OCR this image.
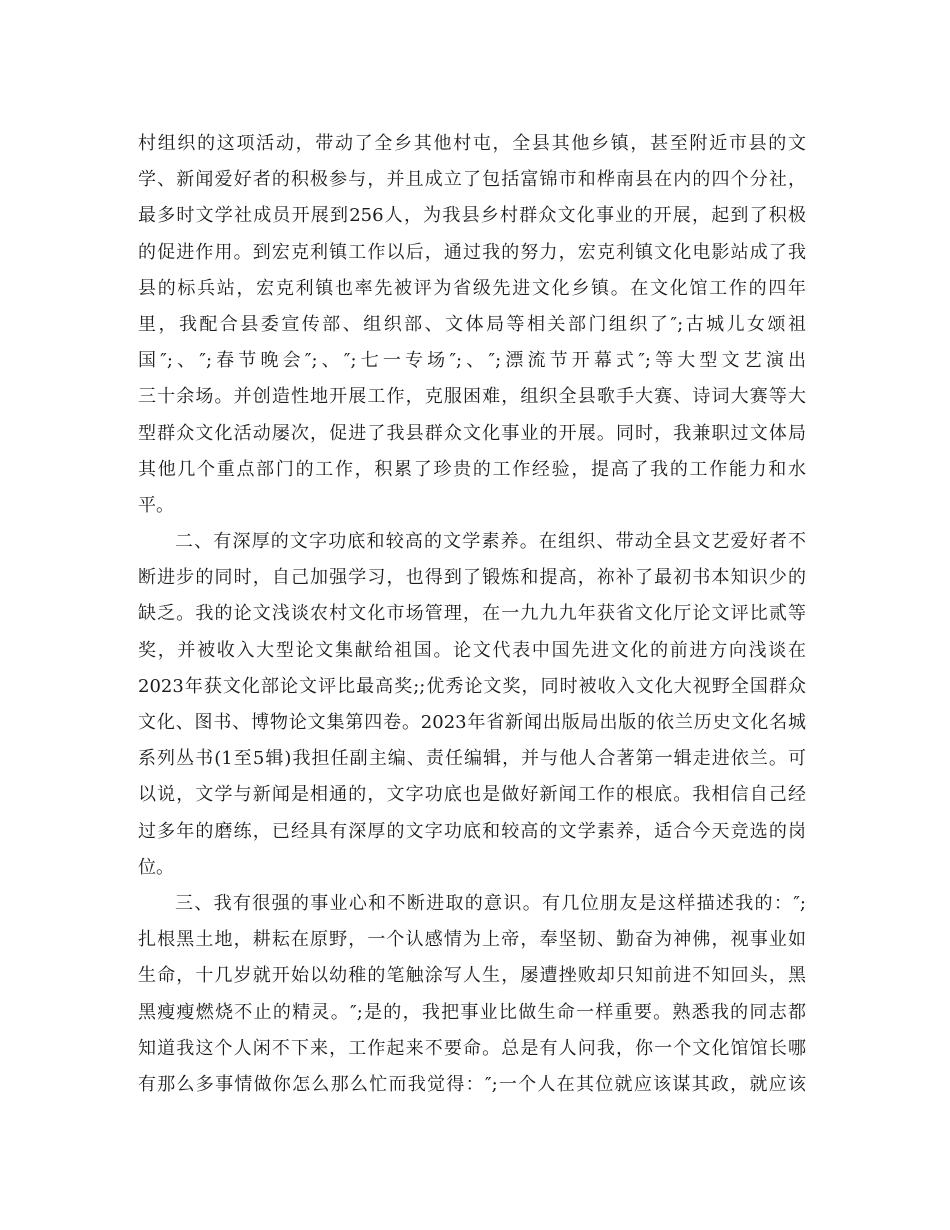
村组织的这项活动，带动了全乡其他村屯，全县其他乡镇，甚至附近市县的文
学、新闻爱好者的积极参与，并且成立了包括富锦市和桦南县在内的四个分社，
最多时文学社成员开展到256人，为我县乡村群众文化事业的开展，起到了积极
的促进作用。到宏克利镇工作以后，通过我的努力，宏克利镇文化电影站成了我
县的标兵站，宏克利镇也率先被评为省级先进文化乡镇。在文化馆工作的四年
里，我配合县委宣传部、组织部、文体局等相关部门组织了″;古城儿女颂祖
国″;、″;春节晚会″;、″;七一专场″;、″;漂流节开幕式″;等大型文艺演出
三十余场。并创造性地开展工作，克服困难，组织全县歌手大赛、诗词大赛等大
型群众文化活动屡次，促进了我县群众文化事业的开展。同时，我兼职过文体局
其他几个重点部门的工作，积累了珍贵的工作经验，提高了我的工作能力和水
平。
二、有深厚的文字功底和较高的文学素养。在组织、带动全县文艺爱好者不
断进步的同时，自己加强学习，也得到了锻炼和提高，祢补了最初书本知识少的
缺乏。我的论文浅谈农村文化市场管理，在一九九九年获省文化厅论文评比贰等
奖，并被收入大型论文集献给祖国。论文代表中国先进文化的前进方向浅谈在
2023年获文化部论文评比最高奖;;优秀论文奖，同时被收入文化大视野全国群众
文化、图书、博物论文集第四卷。2023年省新闻出版局出版的依兰历史文化名城
系列丛书(1至5辑)我担任副主编、责任编辑，并与他人合著第一辑走进依兰。可
以说，文学与新闻是相通的，文字功底也是做好新闻工作的根底。我相信自己经
过多年的磨练，已经具有深厚的文字功底和较高的文学素养，适合今天竞选的岗
位。
三、我有很强的事业心和不断进取的意识。有几位朋友是这样描述我的：″;
扎根黑土地，耕耘在原野，一个认感情为上帝，奉坚韧、勤奋为神佛，视事业如
生命，十几岁就开始以幼稚的笔触涂写人生，屡遭挫败却只知前进不知回头，黑
黑瘦瘦燃烧不止的精灵。″;是的，我把事业比做生命一样重要。熟悉我的同志都
知道我这个人闲不下来，工作起来不要命。总是有人问我，你一个文化馆馆长哪
有那么多事情做你怎么那么忙而我觉得：″;一个人在其位就应该谋其政，就应该
